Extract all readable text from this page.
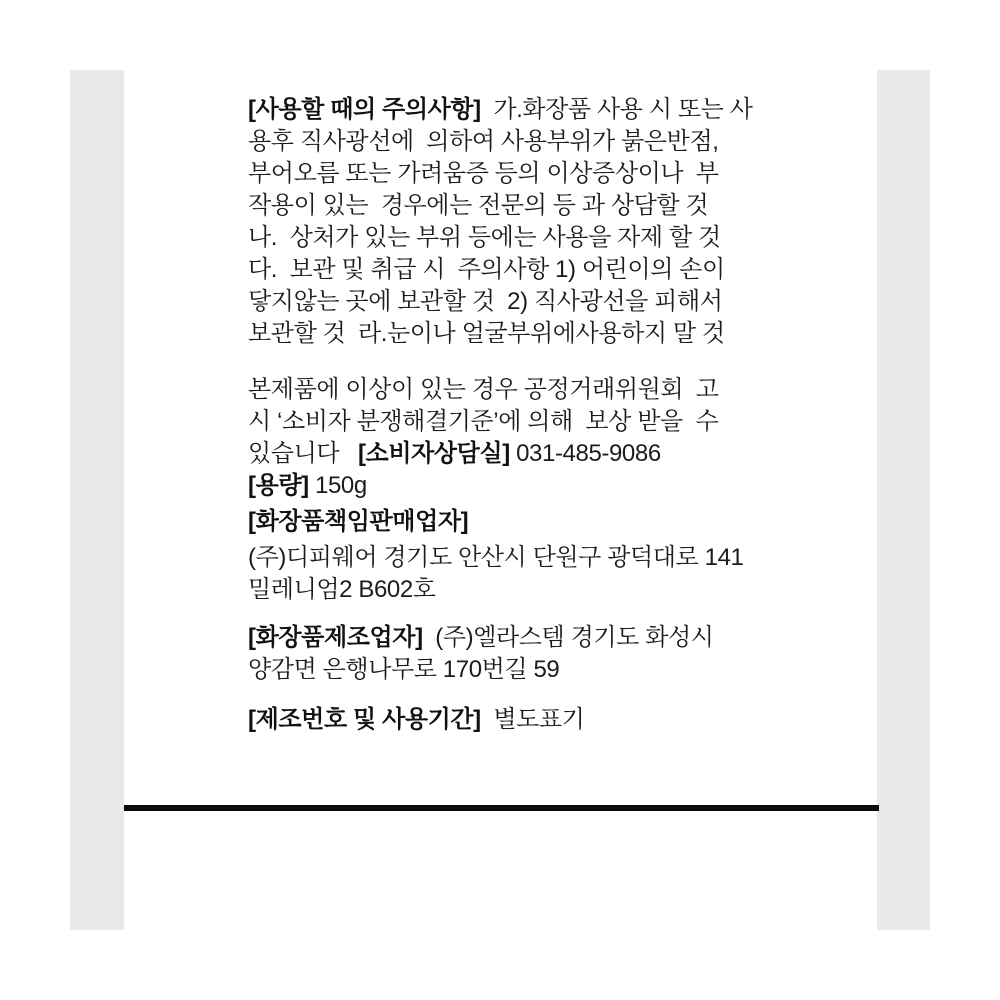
[사용할 때의 주의사항]  가.화장품 사용 시 또는 사
용후 직사광선에  의하여 사용부위가 붉은반점,
부어오름 또는 가려움증 등의 이상증상이나  부
작용이 있는  경우에는 전문의 등 과 상담할 것
나.  상처가 있는 부위 등에는 사용을 자제 할 것
다.  보관 및 취급 시  주의사항 1) 어린이의 손이
닿지않는 곳에 보관할 것  2) 직사광선을 피해서
보관할 것  라.눈이나 얼굴부위에사용하지 말 것
본제품에 이상이 있는 경우 공정거래위원회  고
시 ‘소비자 분쟁해결기준’에 의해  보상 받을  수
있습니다   [소비자상담실] 031-485-9086
[용량] 150g
[화장품책임판매업자]
(주)디피웨어 경기도 안산시 단원구 광덕대로 141
밀레니엄2 B602호
[화장품제조업자]  (주)엘라스템 경기도 화성시
양감면 은행나무로 170번길 59
[제조번호 및 사용기간]  별도표기
